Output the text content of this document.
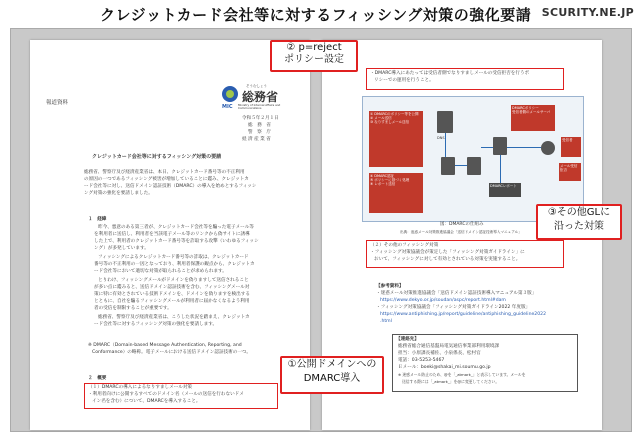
クレジットカード会社等に対するフィッシング対策の強化要請 SCURITY.NE.JP
報道資料
そうむしょう
総務省
MIC Ministry of Internal Affairs and Communications
令和５年２月１日
総　務　省
警　察　庁
経 済 産 業 省
クレジットカード会社等に対するフィッシング対策の要請
総務省、警察庁及び経済産業省は、本日、クレジットカード番号等の不正利用
の原因の一つであるフィッシング被害が増加していることに鑑み、クレジットカ
ード会社等に対し、送信ドメイン認証技術（DMARC）の導入を始めとするフィッシ
ング対策の強化を要請しました。
１　経緯
昨今、悪意のある第三者が、クレジットカード会社等を騙った電子メール等
を利用者に送信し、利用者を当該電子メール等のリンクから偽サイトに誘導
した上で、利用者のクレジットカード番号等を詐取する攻撃（いわゆるフィッシ
ング）が多発しています。
フィッシングによるクレジットカード番号等の詐取は、クレジットカード
番号等の不正利用の一因となっており、利用者保護の観点から、クレジットカ
ード会社等において適切な対策が取られることが求められます。
とりわけ、フィッシングメールがドメインを偽りますして送信されること
が多い点に鑑みると、送信ドメイン認証技術を含む、フィッシングメール対
策に特に有効とされている技術ドメインを、ドメインを偽りますを検出する
とともに、自社を騙るフィッシングメールが利用者に届かなくなるよう利用
者の受信を制限することが重要です。
総務省、警察庁及び経済産業省は、こうした状況を踏まえ、クレジットカ
ード会社等に対するフィッシング対策の強化を要請します。
※ DMARC（Domain-based Message Authentication, Reporting, and
Conformance）の略称。電子メールにおける送信ドメイン認証技術の一つ。
２　概要
（１）DMARCの導入によるなりすましメール対策
・利用者向けに公開するすべてのドメイン名（メールの送信を行わないドメ
イン名を含む）について、DMARCを導入すること。
・DMARC導入にあたっては受信者側でなりすましメールの受信拒否を行うポ
リシーでの運用を行うこと。
① DMARCのポリシー等を公開
② メール送信
③ なりすましメール送信
④ DMARC認証
⑤ ポリシーに基づく処理
⑥ レポート送信
DNS
DMARCポリシー
受信者側のメールサーバ
受信者
メール受信拒否
DMARCレポート
図：DMARCの仕組み
出典：迷惑メール対策推進協議会「送信ドメイン認証技術導入マニュアル」
（２）その他のフィッシング対策
・フィッシング対策協議会が策定した「フィッシング対策ガイドライン」に
おいて、フィッシングに対して有効とされている対策を実施すること。
【参考資料】
・迷惑メール対策推進協議会「送信ドメイン認証技術導入マニュアル第３版」
https://www.dekyo.or.jp/soudan/aspc/report.html#dam
・フィッシング対策協議会「フィッシング対策ガイドライン2022 年度版」
https://www.antiphishing.jp/report/guideline/antiphishing_guideline2022
.html
【連絡先】
総務省総合通信基盤局電気通信事業部利用環境課
担当：小原課長補佐、小泉係長、松村官
電話：03-5253-5467
Ｅメール：boeki@shakai_mi.soumu.go.jp
※ 迷惑メール防止のため、@を「_atmark_」と表示しています。メールを
送信する際には「_atmark_」を@に変更してください。
② p=reject
ポリシー設定
③その他GLに
沿った対策
①公開ドメインへの
DMARC導入
